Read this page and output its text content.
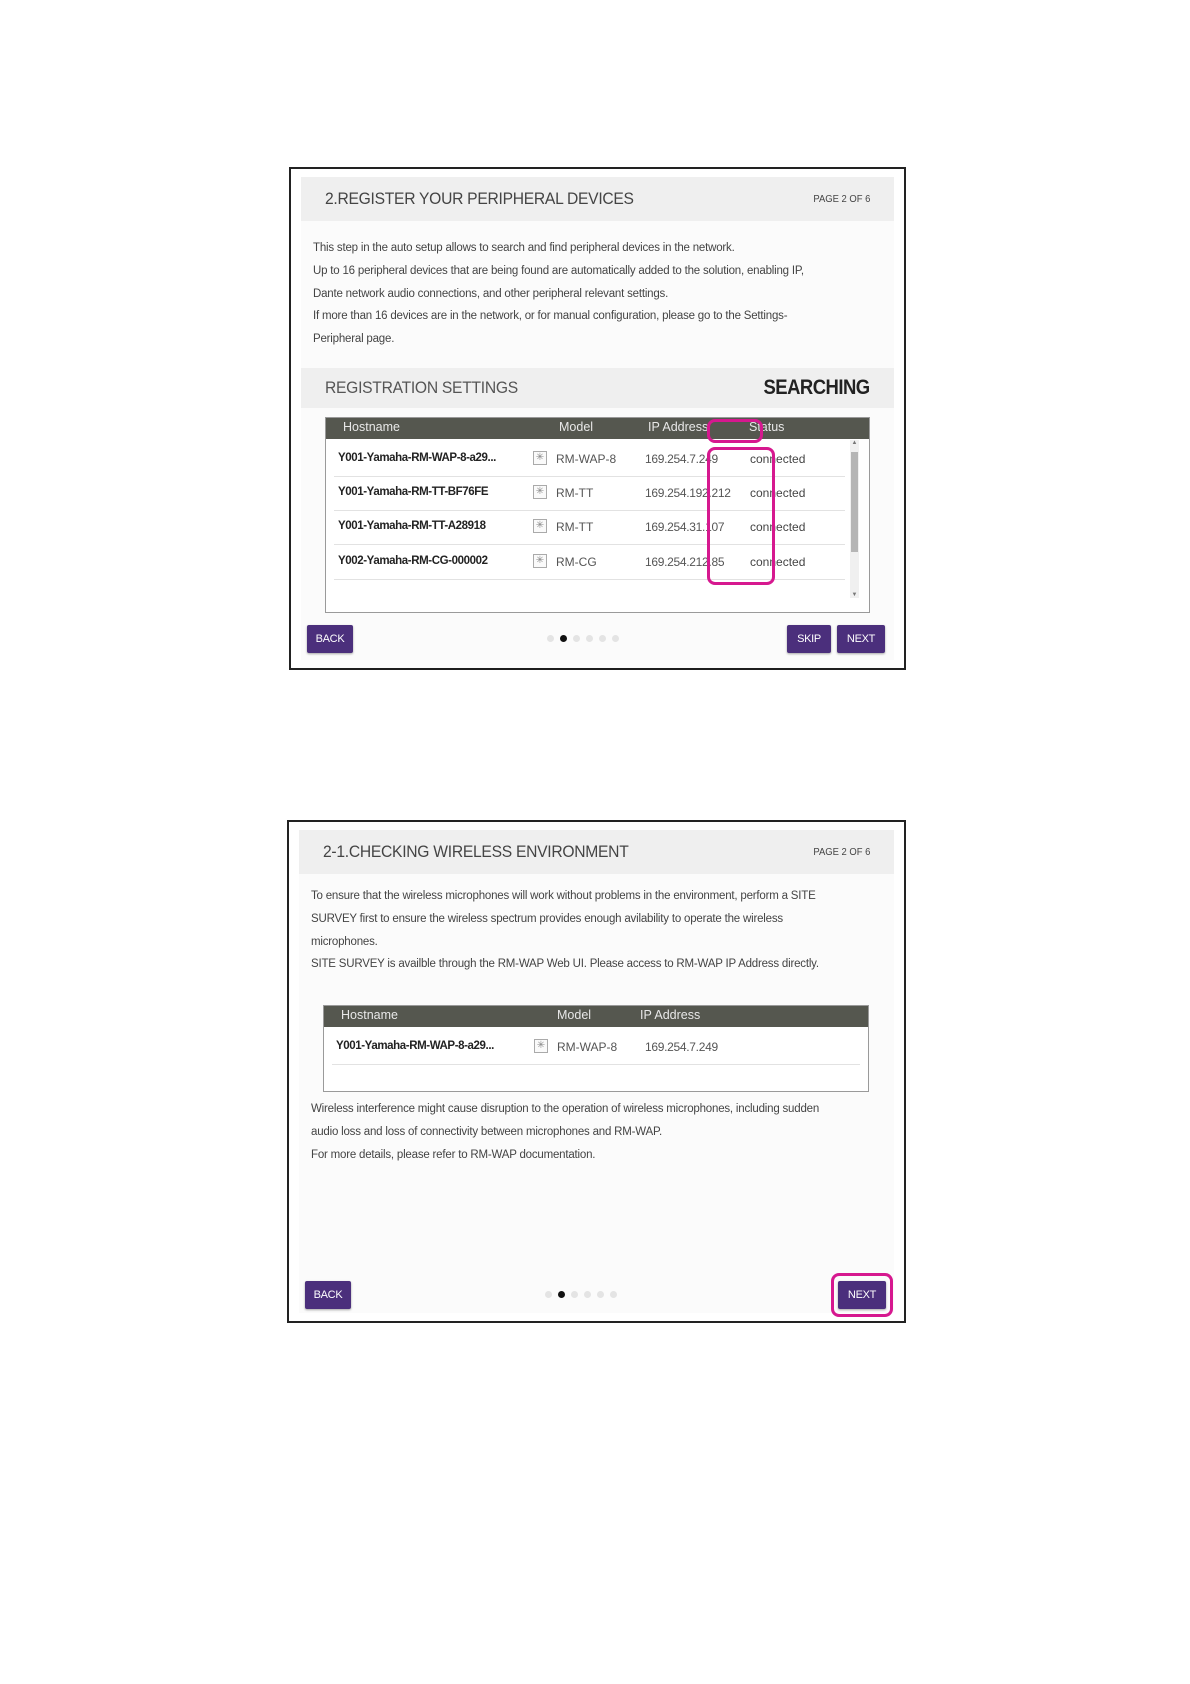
2.REGISTER YOUR PERIPHERAL DEVICES	PAGE 2 OF 6

This step in the auto setup allows to search and find peripheral devices in the network.

Up to 16 peripheral devices that are being found are automatically added to the solution, enabling IP,

Dante network audio connections, and other peripheral relevant settings.

If more than 16 devices are in the network, or for manual configuration, please go to the Settings-

Peripheral page.

REGISTRATION SETTINGS	SEARCHING
Hostname	Model	IP Address	Status
Y001-Yamaha-RM-WAP-8-a29...	✳ RM-WAP-8 169.254.7.249	connected
Y001-Yamaha-RM-TT-BF76FE	✳ RM-TT	169.254.192.212 connected
Y001-Yamaha-RM-TT-A28918	✳ RM-TT	169.254.31.107 connected
Y002-Yamaha-RM-CG-000002	✳ RM-CG	169.254.212.85 connected
▲
▼
BACK	SKIP	NEXT
2-1.CHECKING WIRELESS ENVIRONMENT	PAGE 2 OF 6

To ensure that the wireless microphones will work without problems in the environment, perform a SITE

SURVEY first to ensure the wireless spectrum provides enough avilability to operate the wireless

microphones.

SITE SURVEY is availble through the RM-WAP Web UI. Please access to RM-WAP IP Address directly.

Hostname	Model	IP Address
Y001-Yamaha-RM-WAP-8-a29...	✳ RM-WAP-8 169.254.7.249

Wireless interference might cause disruption to the operation of wireless microphones, including sudden

audio loss and loss of connectivity between microphones and RM-WAP.

For more details, please refer to RM-WAP documentation.

BACK	NEXT
